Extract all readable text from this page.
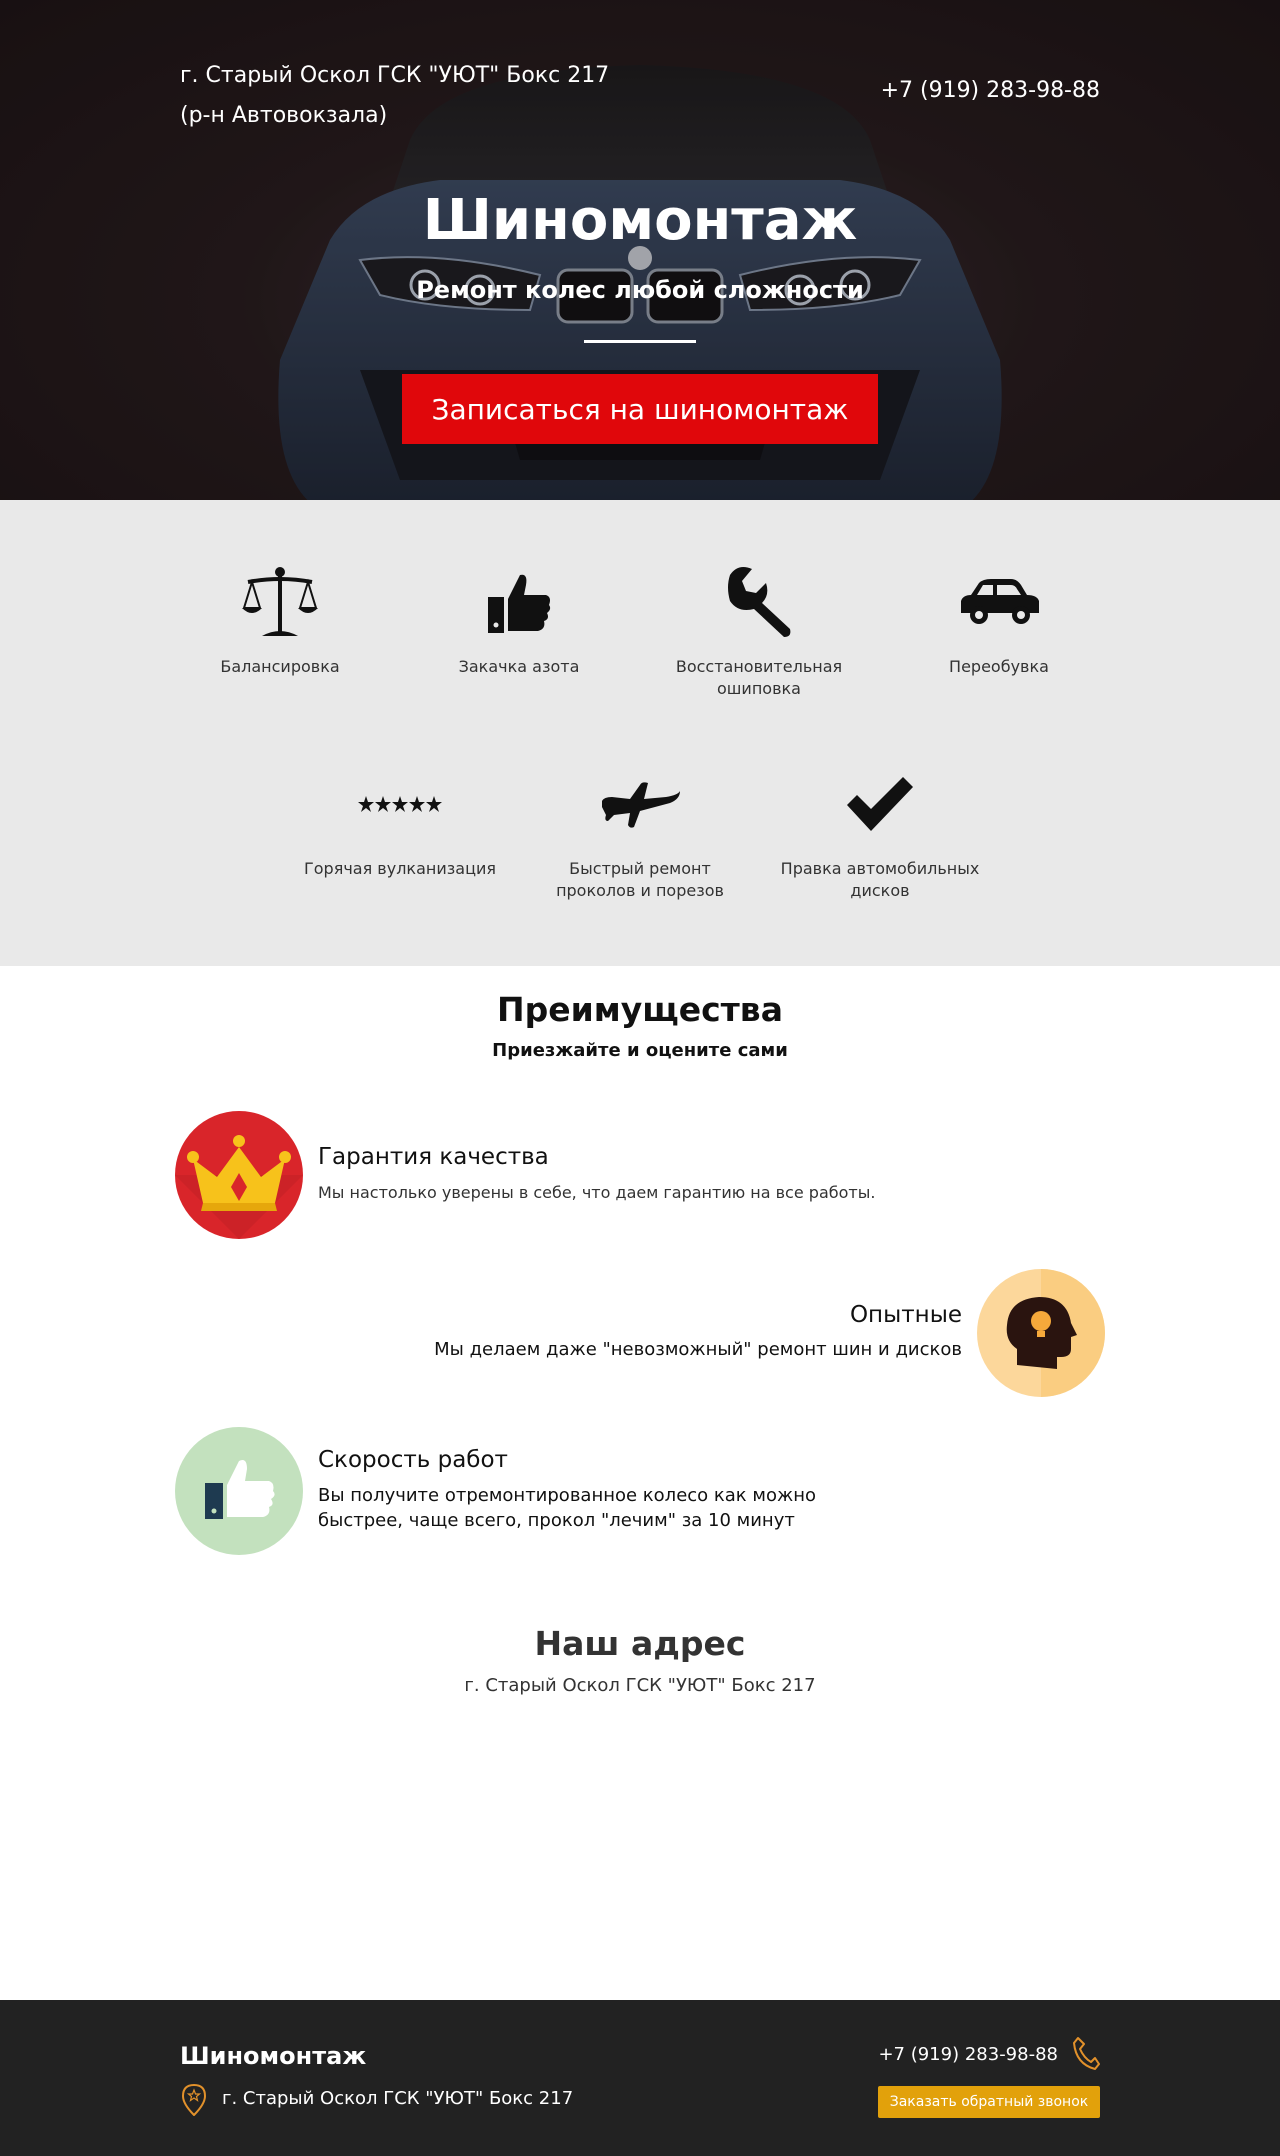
г. Старый Оскол ГСК "УЮТ" Бокс 217
(р-н Автовокзала)
+7 (919) 283-98-88
Шиномонтаж
Ремонт колес любой сложности
Записаться на шиномонтаж
Балансировка	Закачка азота	Восстановительная ошиповка
Переобувка
Горячая вулканизация	Быстрый ремонт проколов и порезов
Правка автомобильных дисков
Преимущества
Приезжайте и оцените сами
Гарантия качества
Мы настолько уверены в себе, что даем гарантию на все работы.
Опытные
Мы делаем даже "невозможный" ремонт шин и дисков
Скорость работ
Вы получите отремонтированное колесо как можно
быстрее, чаще всего, прокол "лечим" за 10 минут
Наш адрес
г. Старый Оскол ГСК "УЮТ" Бокс 217
Шиномонтаж
г. Старый Оскол ГСК "УЮТ" Бокс 217
+7 (919) 283-98-88
Заказать обратный звонок
